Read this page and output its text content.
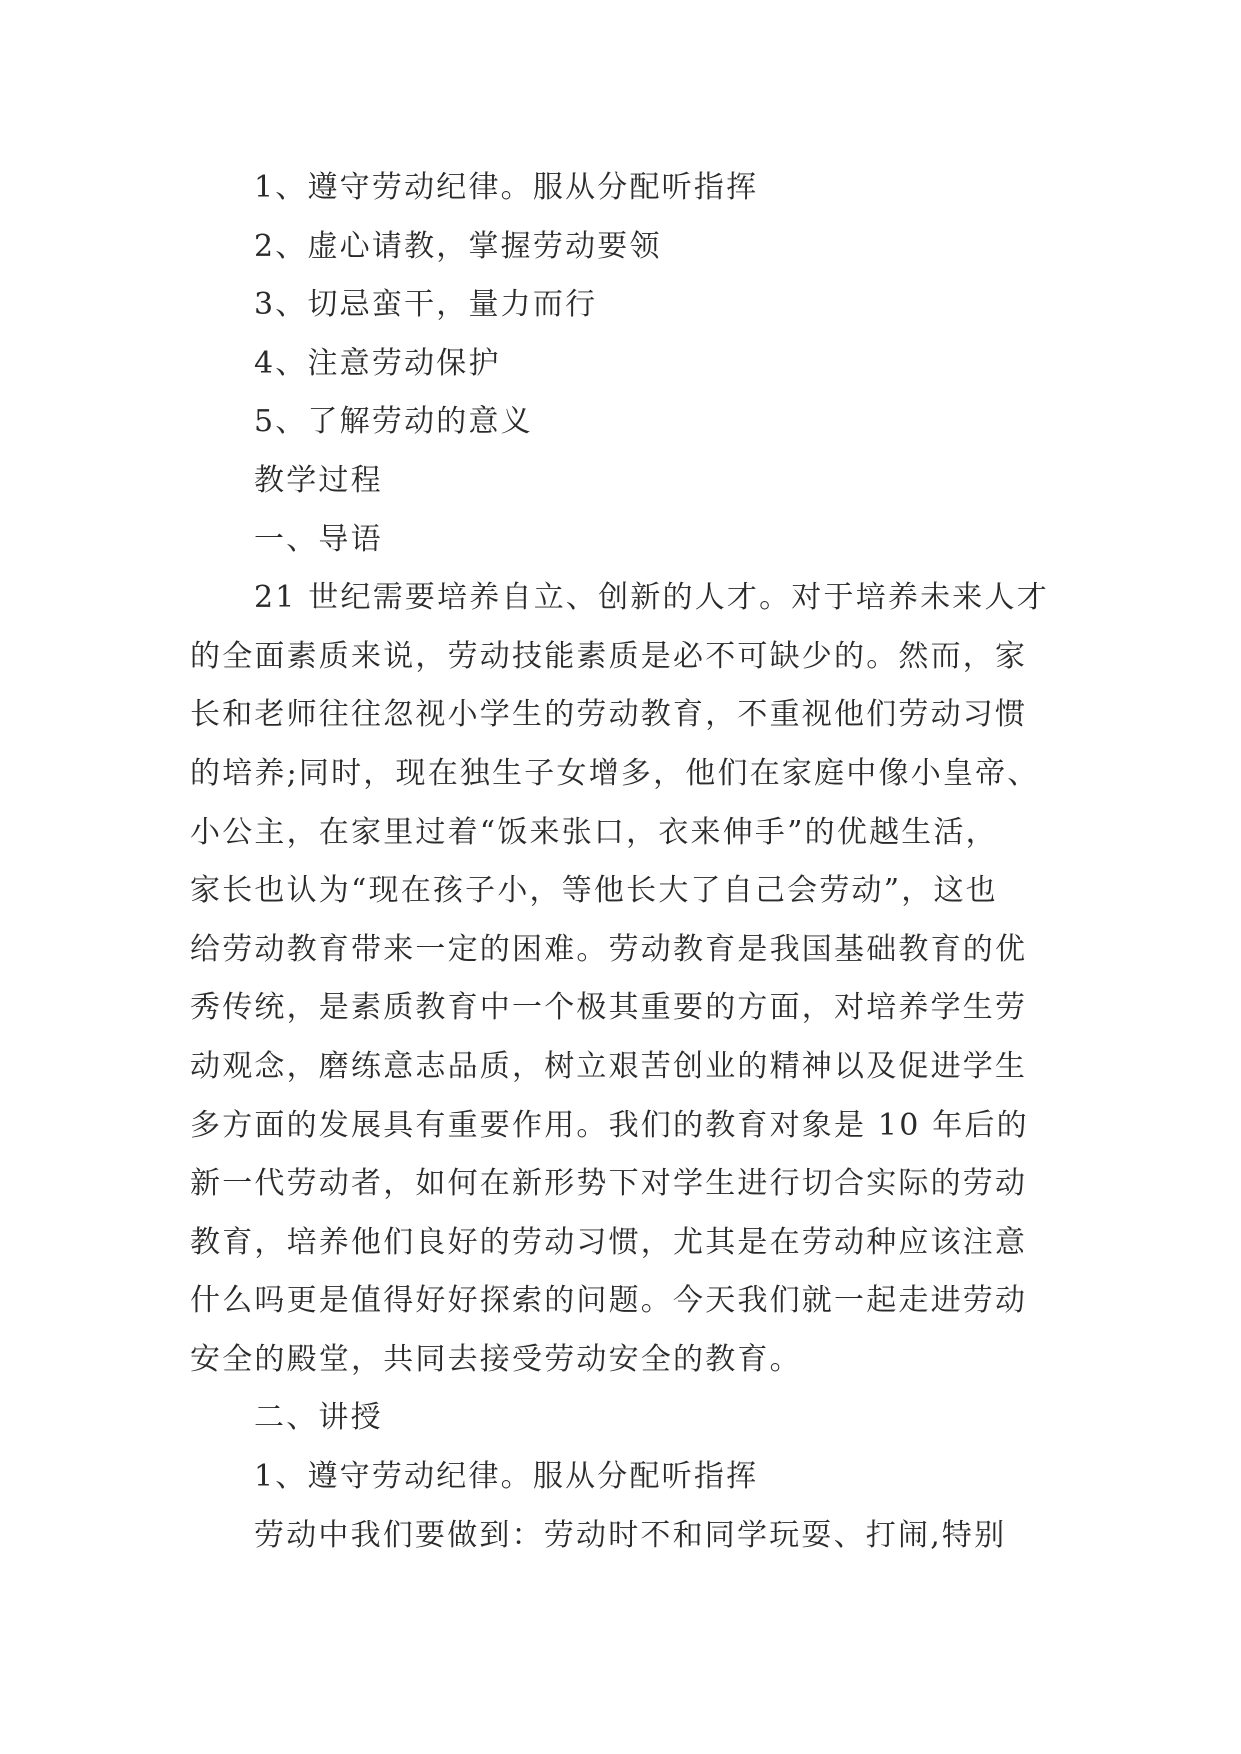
1、遵守劳动纪律。服从分配听指挥
2、虚心请教，掌握劳动要领
3、切忌蛮干，量力而行
4、注意劳动保护
5、了解劳动的意义
教学过程
一、导语
21 世纪需要培养自立、创新的人才。对于培养未来人才
的全面素质来说，劳动技能素质是必不可缺少的。然而，家
长和老师往往忽视小学生的劳动教育，不重视他们劳动习惯
的培养;同时，现在独生子女增多，他们在家庭中像小皇帝、
小公主，在家里过着“饭来张口，衣来伸手”的优越生活，
家长也认为“现在孩子小，等他长大了自己会劳动”，这也
给劳动教育带来一定的困难。劳动教育是我国基础教育的优
秀传统，是素质教育中一个极其重要的方面，对培养学生劳
动观念，磨练意志品质，树立艰苦创业的精神以及促进学生
多方面的发展具有重要作用。我们的教育对象是 10 年后的
新一代劳动者，如何在新形势下对学生进行切合实际的劳动
教育，培养他们良好的劳动习惯，尤其是在劳动种应该注意
什么吗更是值得好好探索的问题。今天我们就一起走进劳动
安全的殿堂，共同去接受劳动安全的教育。
二、讲授
1、遵守劳动纪律。服从分配听指挥
劳动中我们要做到：劳动时不和同学玩耍、打闹,特别
